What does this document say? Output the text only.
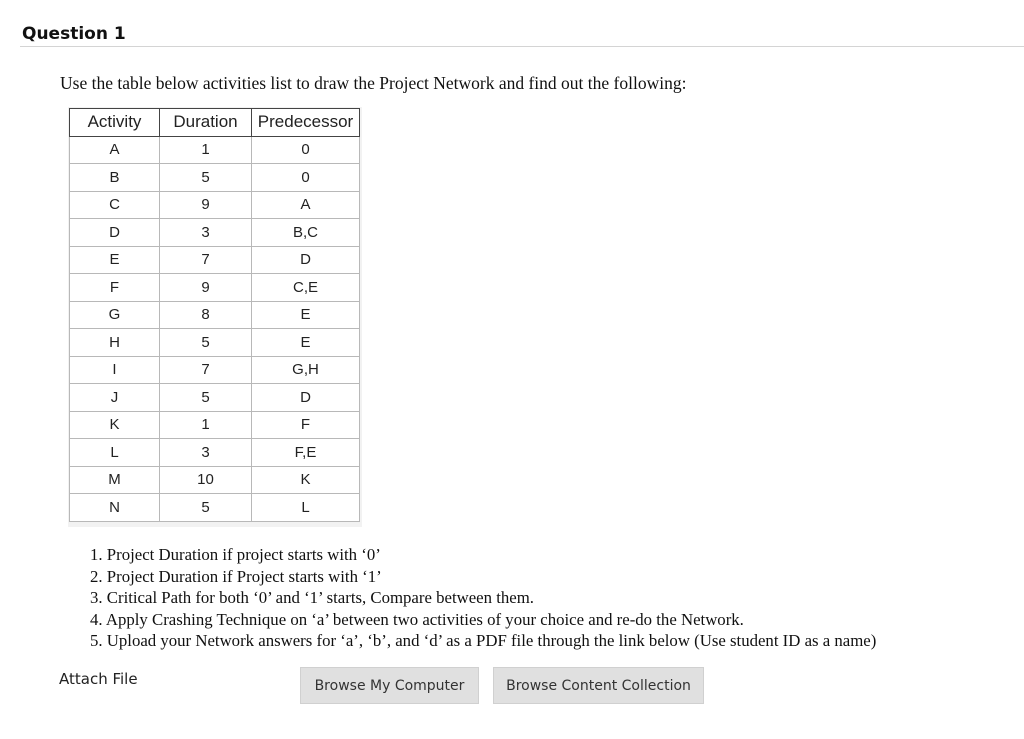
Question 1
Use the table below activities list to draw the Project Network and find out the following:
Activity	Duration	Predecessor
A	1	0
B	5	0
C	9	A
D	3	B,C
E	7	D
F	9	C,E
G	8	E
H	5	E
I	7	G,H
J	5	D
K	1	F
L	3	F,E
M	10	K
N	5	L
1. Project Duration if project starts with ‘0’
2. Project Duration if Project starts with ‘1’
3. Critical Path for both ‘0’ and ‘1’ starts, Compare between them.
4. Apply Crashing Technique on ‘a’ between two activities of your choice and re-do the Network.
5. Upload your Network answers for ‘a’, ‘b’, and ‘d’ as a PDF file through the link below (Use student ID as a name)
Attach File	Browse My Computer	Browse Content Collection
